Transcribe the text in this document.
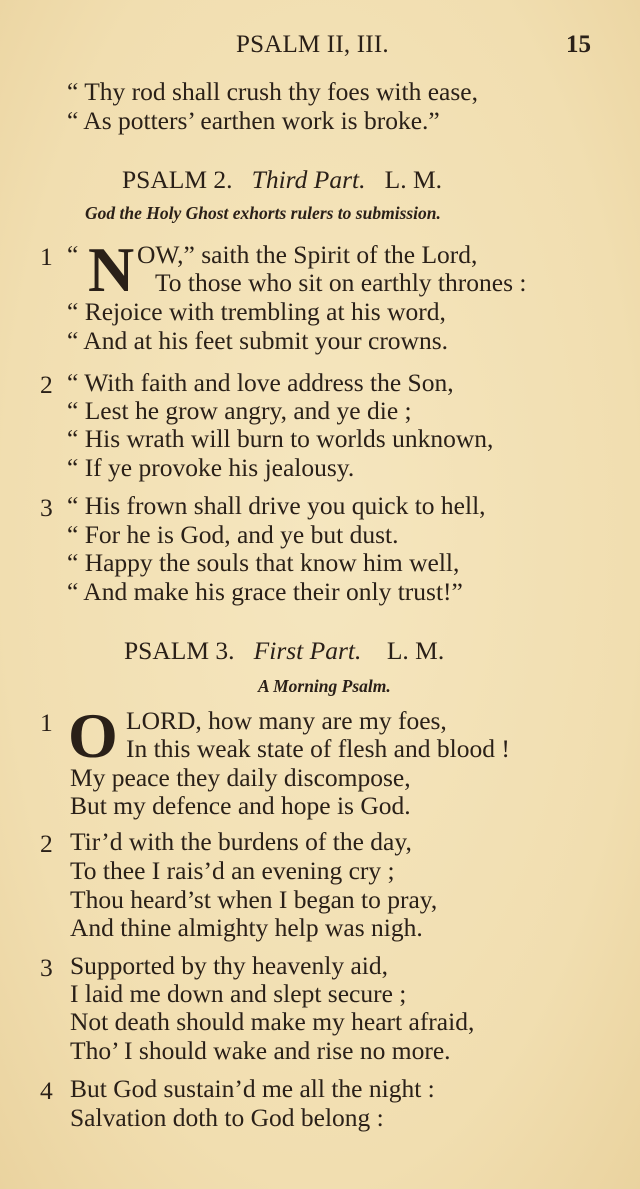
PSALM II, III.	15
“ Thy rod shall crush thy foes with ease,
“ As potters’ earthen work is broke.”
PSALM 2. Third Part. L. M.
God the Holy Ghost exhorts rulers to submission.
1 “ N OW,” saith the Spirit of the Lord,
To those who sit on earthly thrones :
“ Rejoice with trembling at his word,
“ And at his feet submit your crowns.
2 “ With faith and love address the Son,
“ Lest he grow angry, and ye die ;
“ His wrath will burn to worlds unknown,
“ If ye provoke his jealousy.
3 “ His frown shall drive you quick to hell,
“ For he is God, and ye but dust.
“ Happy the souls that know him well,
“ And make his grace their only trust!”
PSALM 3. First Part. L. M.
A Morning Psalm.
1 O LORD, how many are my foes,
In this weak state of flesh and blood !
My peace they daily discompose,
But my defence and hope is God.
2 Tir’d with the burdens of the day,
To thee I rais’d an evening cry ;
Thou heard’st when I began to pray,
And thine almighty help was nigh.
3 Supported by thy heavenly aid,
I laid me down and slept secure ;
Not death should make my heart afraid,
Tho’ I should wake and rise no more.
4 But God sustain’d me all the night :
Salvation doth to God belong :
